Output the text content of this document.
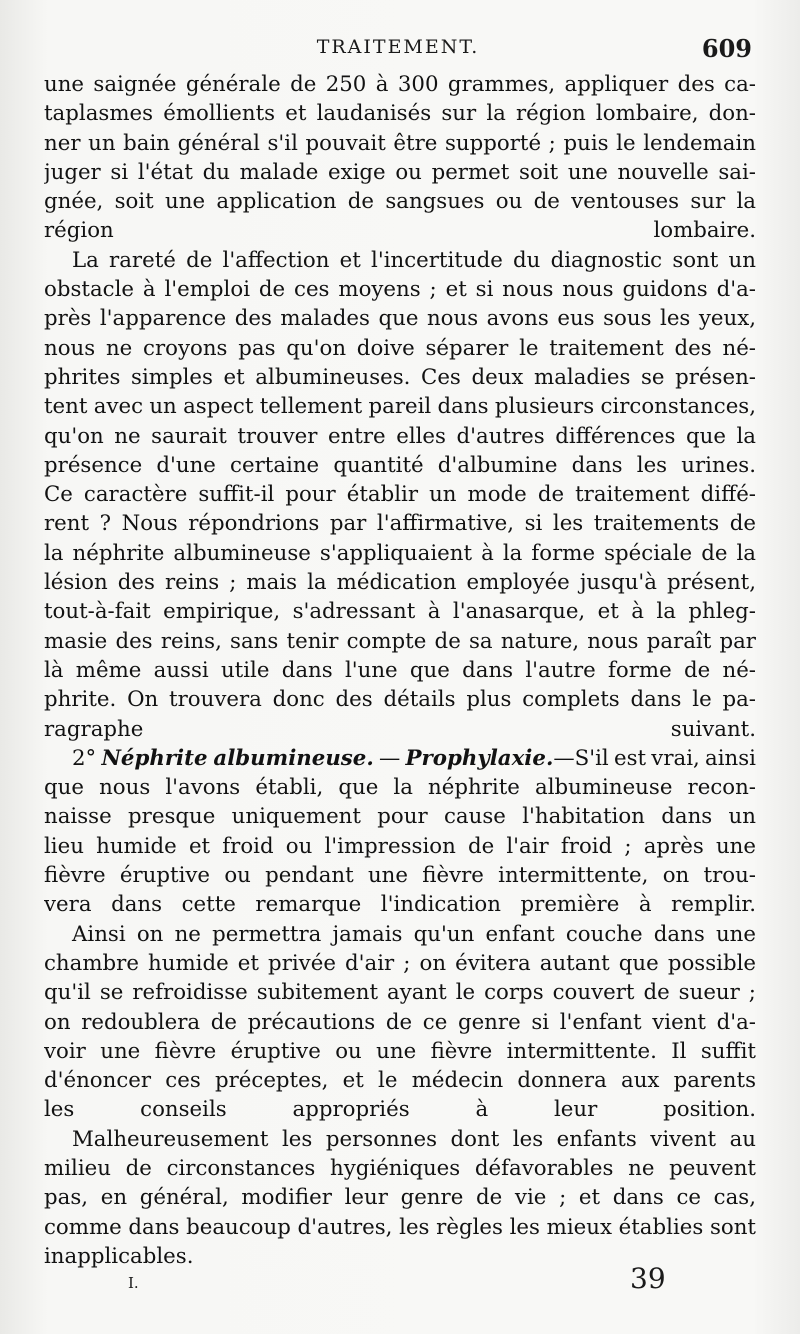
TRAITEMENT.	609
une saignée générale de 250 à 300 grammes, appliquer des ca-
taplasmes émollients et laudanisés sur la région lombaire, don-
ner un bain général s'il pouvait être supporté ; puis le lendemain
juger si l'état du malade exige ou permet soit une nouvelle sai-
gnée, soit une application de sangsues ou de ventouses sur la
région lombaire.
La rareté de l'affection et l'incertitude du diagnostic sont un
obstacle à l'emploi de ces moyens ; et si nous nous guidons d'a-
près l'apparence des malades que nous avons eus sous les yeux,
nous ne croyons pas qu'on doive séparer le traitement des né-
phrites simples et albumineuses. Ces deux maladies se présen-
tent avec un aspect tellement pareil dans plusieurs circonstances,
qu'on ne saurait trouver entre elles d'autres différences que la
présence d'une certaine quantité d'albumine dans les urines.
Ce caractère suffit-il pour établir un mode de traitement diffé-
rent ? Nous répondrions par l'affirmative, si les traitements de
la néphrite albumineuse s'appliquaient à la forme spéciale de la
lésion des reins ; mais la médication employée jusqu'à présent,
tout-à-fait empirique, s'adressant à l'anasarque, et à la phleg-
masie des reins, sans tenir compte de sa nature, nous paraît par
là même aussi utile dans l'une que dans l'autre forme de né-
phrite. On trouvera donc des détails plus complets dans le pa-
ragraphe suivant.
2° Néphrite albumineuse. — Prophylaxie.—S'il est vrai, ainsi
que nous l'avons établi, que la néphrite albumineuse recon-
naisse presque uniquement pour cause l'habitation dans un
lieu humide et froid ou l'impression de l'air froid ; après une
fièvre éruptive ou pendant une fièvre intermittente, on trou-
vera dans cette remarque l'indication première à remplir.
Ainsi on ne permettra jamais qu'un enfant couche dans une
chambre humide et privée d'air ; on évitera autant que possible
qu'il se refroidisse subitement ayant le corps couvert de sueur ;
on redoublera de précautions de ce genre si l'enfant vient d'a-
voir une fièvre éruptive ou une fièvre intermittente. Il suffit
d'énoncer ces préceptes, et le médecin donnera aux parents
les conseils appropriés à leur position.
Malheureusement les personnes dont les enfants vivent au
milieu de circonstances hygiéniques défavorables ne peuvent
pas, en général, modifier leur genre de vie ; et dans ce cas,
comme dans beaucoup d'autres, les règles les mieux établies sont
inapplicables.
I.	39
